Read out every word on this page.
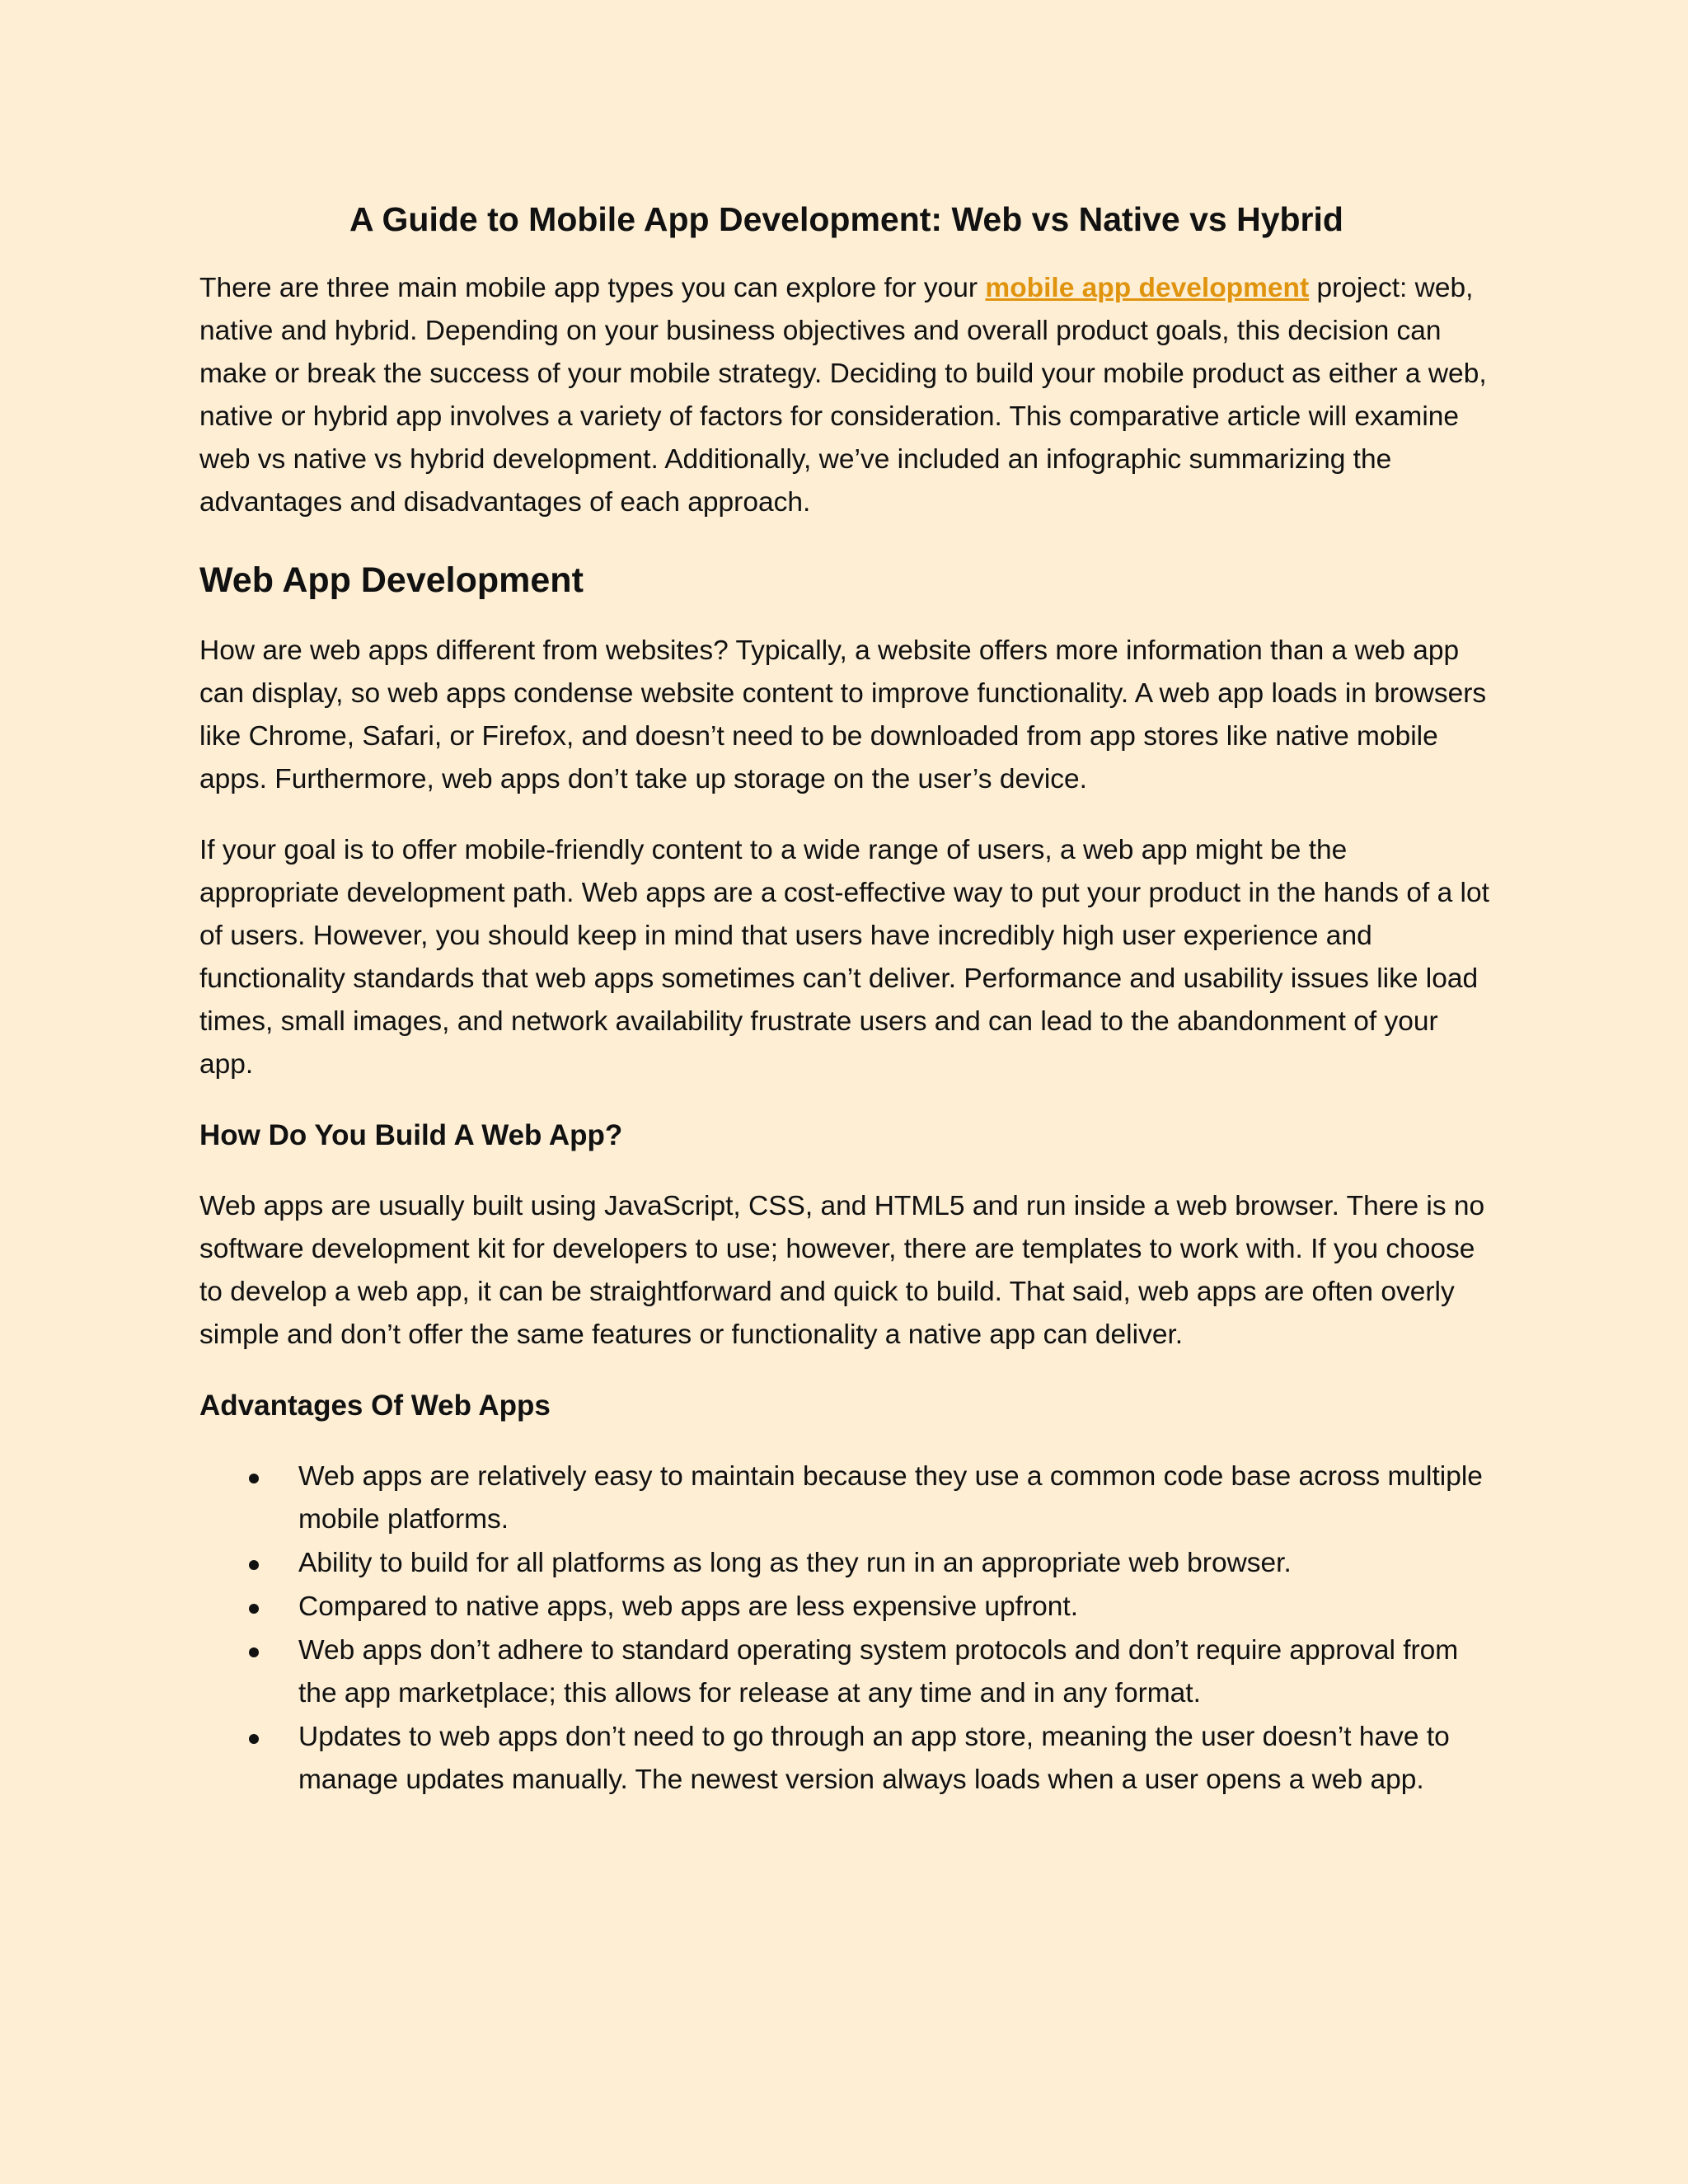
A Guide to Mobile App Development: Web vs Native vs Hybrid

There are three main mobile app types you can explore for your mobile app development project: web, native and hybrid. Depending on your business objectives and overall product goals, this decision can make or break the success of your mobile strategy. Deciding to build your mobile product as either a web, native or hybrid app involves a variety of factors for consideration. This comparative article will examine web vs native vs hybrid development. Additionally, we’ve included an infographic summarizing the advantages and disadvantages of each approach.

Web App Development

How are web apps different from websites? Typically, a website offers more information than a web app can display, so web apps condense website content to improve functionality. A web app loads in browsers like Chrome, Safari, or Firefox, and doesn’t need to be downloaded from app stores like native mobile apps. Furthermore, web apps don’t take up storage on the user’s device.

If your goal is to offer mobile-friendly content to a wide range of users, a web app might be the appropriate development path. Web apps are a cost-effective way to put your product in the hands of a lot of users. However, you should keep in mind that users have incredibly high user experience and functionality standards that web apps sometimes can’t deliver. Performance and usability issues like load times, small images, and network availability frustrate users and can lead to the abandonment of your app.

How Do You Build A Web App?

Web apps are usually built using JavaScript, CSS, and HTML5 and run inside a web browser. There is no software development kit for developers to use; however, there are templates to work with. If you choose to develop a web app, it can be straightforward and quick to build. That said, web apps are often overly simple and don’t offer the same features or functionality a native app can deliver.

Advantages Of Web Apps
Web apps are relatively easy to maintain because they use a common code base across multiple mobile platforms.
Ability to build for all platforms as long as they run in an appropriate web browser.
Compared to native apps, web apps are less expensive upfront.
Web apps don’t adhere to standard operating system protocols and don’t require approval from the app marketplace; this allows for release at any time and in any format.
Updates to web apps don’t need to go through an app store, meaning the user doesn’t have to manage updates manually. The newest version always loads when a user opens a web app.
